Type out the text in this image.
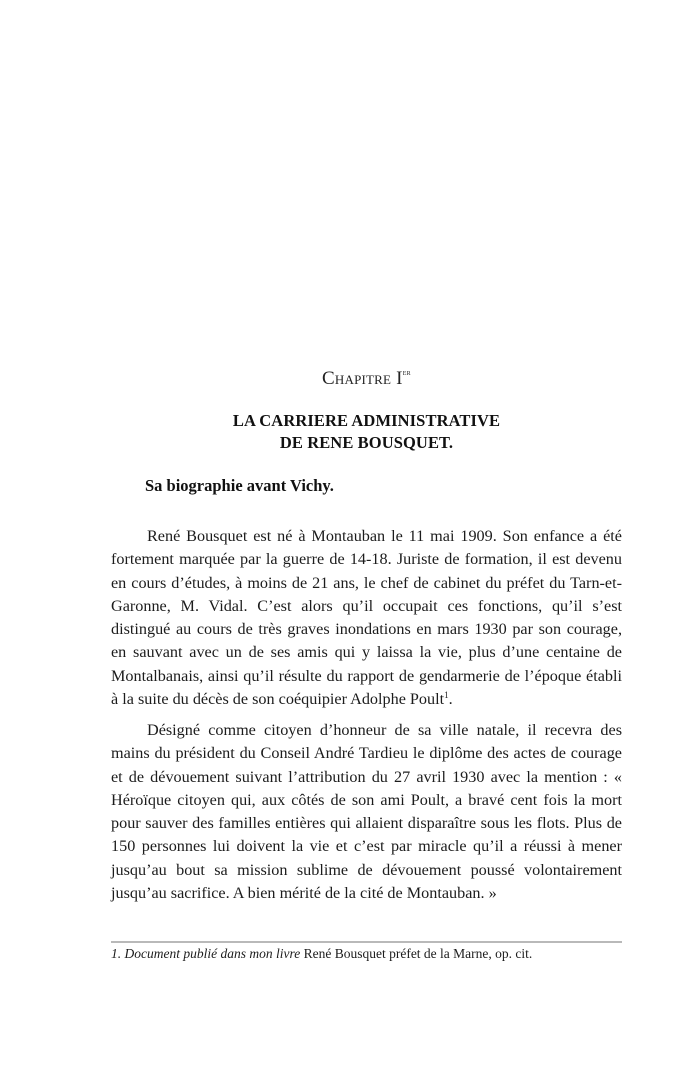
Chapitre Ier
LA CARRIERE ADMINISTRATIVE
DE RENE BOUSQUET.
Sa biographie avant Vichy.

René Bousquet est né à Montauban le 11 mai 1909. Son enfance a été fortement marquée par la guerre de 14-18. Juriste de formation, il est devenu en cours d’études, à moins de 21 ans, le chef de cabinet du préfet du Tarn-et-Garonne, M. Vidal. C’est alors qu’il occupait ces fonctions, qu’il s’est distingué au cours de très graves inondations en mars 1930 par son courage, en sauvant avec un de ses amis qui y laissa la vie, plus d’une centaine de Montalbanais, ainsi qu’il résulte du rapport de gendarmerie de l’époque établi à la suite du décès de son coéquipier Adolphe Poult$^1$.

Désigné comme citoyen d’honneur de sa ville natale, il recevra des mains du président du Conseil André Tardieu le diplôme des actes de courage et de dévouement suivant l’attribution du 27 avril 1930 avec la mention : « Héroïque citoyen qui, aux côtés de son ami Poult, a bravé cent fois la mort pour sauver des familles entières qui allaient disparaître sous les flots. Plus de 150 personnes lui doivent la vie et c’est par miracle qu’il a réussi à mener jusqu’au bout sa mission sublime de dévouement poussé volontairement jusqu’au sacrifice. A bien mérité de la cité de Montauban. »

1. Document publié dans mon livre René Bousquet préfet de la Marne, op. cit.
